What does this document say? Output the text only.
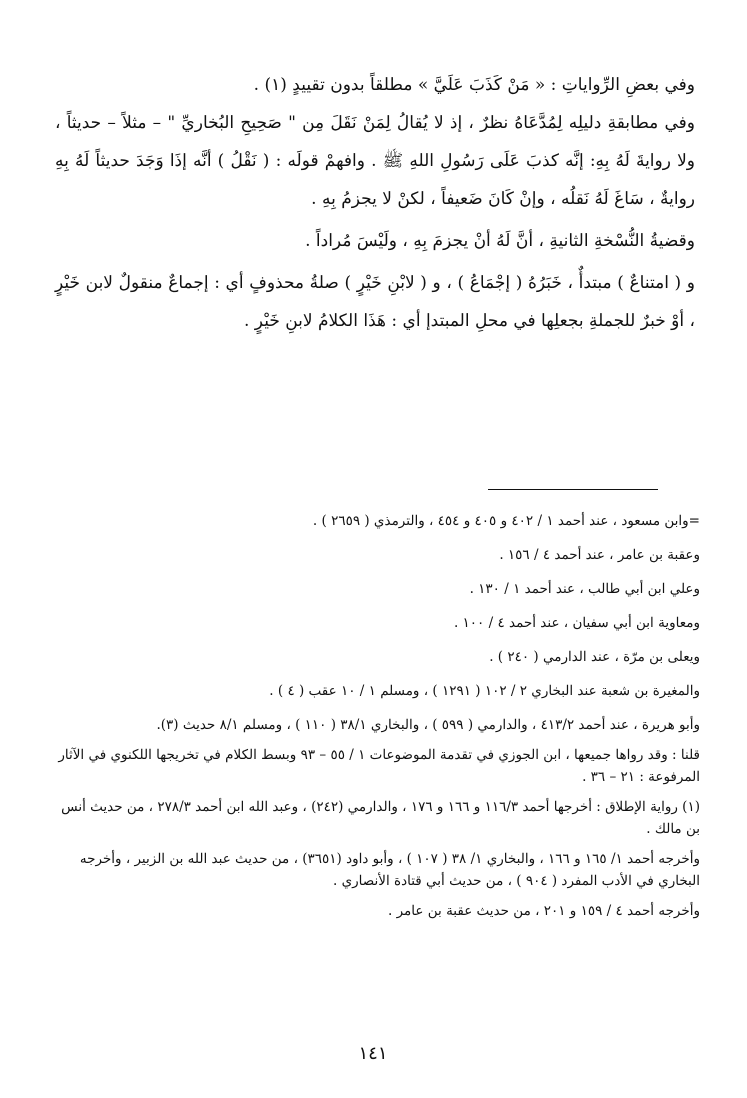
وفي بعضِ الرِّواياتِ : « مَنْ كَذَبَ عَلَيَّ » مطلقاً بدون تقييدٍ (١) .

وفي مطابقةِ دليلِه لِمُدَّعَاهُ نظرٌ ، إذ لا يُقالُ لِمَنْ نَقَلَ مِن " صَحِيحِ البُخاريِّ " – مثلاً – حديثاً ، ولا روايةَ لَهُ بِهِ: إنَّه كذبَ عَلَى رَسُولِ اللهِ ﷺ . وافهمْ قولَه : ( نَقْلُ ) أنَّه إذَا وَجَدَ حديثاً لَهُ بِهِ روايةٌ ، سَاغَ لَهُ نَقلُه ، وإنْ كَانَ ضَعيفاً ، لكنْ لا يجزمُ بِهِ .

وقضيةُ النُّسْخةِ الثانيةِ ، أنَّ لَهُ أنْ يجزمَ بِهِ ، ولَيْسَ مُراداً .

و ( امتناعٌ ) مبتدأٌ ، خَبَرُهُ ( إجْمَاعُ ) ، و ( لابْنِ خَيْرٍ ) صلةُ محذوفٍ أي : إجماعٌ منقولٌ لابن خَيْرٍ ، أوْ خبرٌ للجملةِ بجعلِها في محلِ المبتدإ أي : هَذَا الكلامُ لابنِ خَيْرٍ .

=وابن مسعود ، عند أحمد ١ / ٤٠٢ و ٤٠٥ و ٤٥٤ ، والترمذي ( ٢٦٥٩ ) .

وعقبة بن عامر ، عند أحمد ٤ / ١٥٦ .

وعلي ابن أبي طالب ، عند أحمد ١ / ١٣٠ .

ومعاوية ابن أبي سفيان ، عند أحمد ٤ / ١٠٠ .

ويعلى بن مرّة ، عند الدارمي ( ٢٤٠ ) .

والمغيرة بن شعبة عند البخاري ٢ / ١٠٢ ( ١٢٩١ ) ، ومسلم ١ / ١٠ عقب ( ٤ ) .

وأبو هريرة ، عند أحمد ٤١٣/٢ ، والدارمي ( ٥٩٩ ) ، والبخاري ٣٨/١ ( ١١٠ ) ، ومسلم ٨/١ حديث (٣).

قلنا : وقد رواها جميعها ، ابن الجوزي في تقدمة الموضوعات ١ / ٥٥ – ٩٣ وبسط الكلام في تخريجها اللكنوي في الآثار المرفوعة : ٢١ – ٣٦ .

(١) رواية الإطلاق : أخرجها أحمد ١١٦/٣ و ١٦٦ و ١٧٦ ، والدارمي (٢٤٢) ، وعبد الله ابن أحمد ٢٧٨/٣ ، من حديث أنس بن مالك .

وأخرجه أحمد ١/ ١٦٥ و ١٦٦ ، والبخاري ١/ ٣٨ ( ١٠٧ ) ، وأبو داود (٣٦٥١) ، من حديث عبد الله بن الزبير ، وأخرجه البخاري في الأدب المفرد ( ٩٠٤ ) ، من حديث أبي قتادة الأنصاري .

وأخرجه أحمد ٤ / ١٥٩ و ٢٠١ ، من حديث عقبة بن عامر .

١٤١
